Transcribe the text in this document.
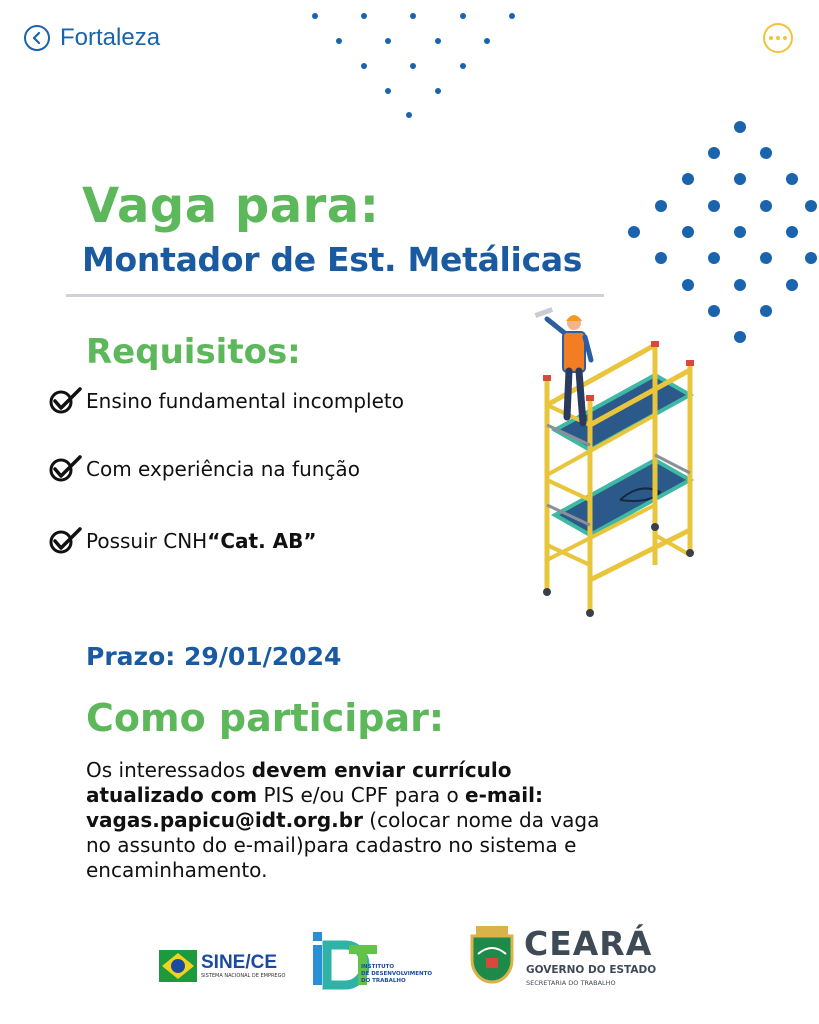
Fortaleza
Vaga para:
Montador de Est. Metálicas
Requisitos:
Ensino fundamental incompleto
Com experiência na função
Possuir CNH “Cat. AB”
Prazo: 29/01/2024
Como participar:
Os interessados devem enviar currículo atualizado com PIS e/ou CPF para o e-mail: vagas.papicu@idt.org.br (colocar nome da vaga no assunto do e-mail)para cadastro no sistema e encaminhamento.
SINE/CE
SISTEMA NACIONAL DE EMPREGO
INSTITUTO
DE DESENVOLVIMENTO
DO TRABALHO
CEARÁ
GOVERNO DO ESTADO
SECRETARIA DO TRABALHO
